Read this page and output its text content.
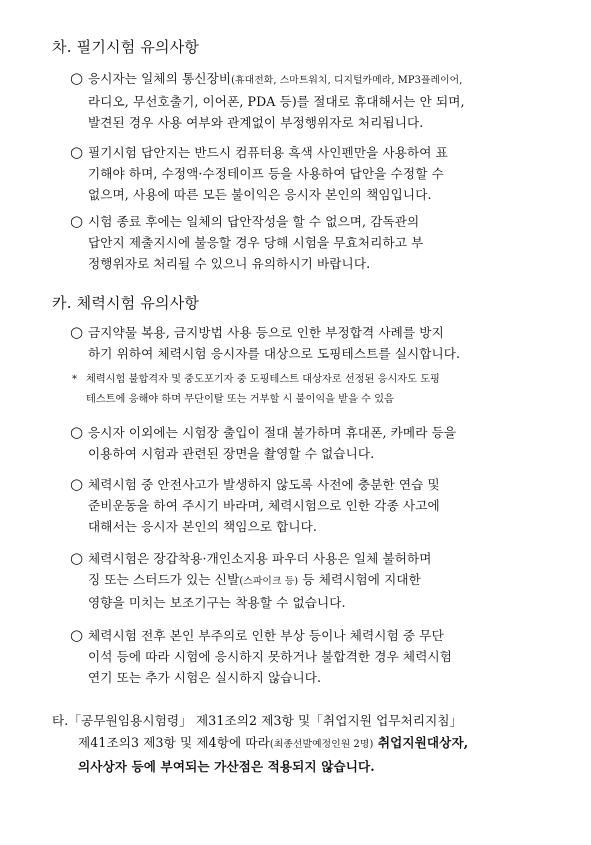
차. 필기시험 유의사항
○ 응시자는 일체의 통신장비(휴대전화, 스마트워치, 디지털카메라, MP3플레이어,
라디오, 무선호출기, 이어폰, PDA 등)를 절대로 휴대해서는 안 되며,
발견된 경우 사용 여부와 관계없이 부정행위자로 처리됩니다.
○ 필기시험 답안지는 반드시 컴퓨터용 흑색 사인펜만을 사용하여 표
기해야 하며, 수정액·수정테이프 등을 사용하여 답안을 수정할 수
없으며, 사용에 따른 모든 불이익은 응시자 본인의 책임입니다.
○ 시험 종료 후에는 일체의 답안작성을 할 수 없으며, 감독관의
답안지 제출지시에 불응할 경우 당해 시험을 무효처리하고 부
정행위자로 처리될 수 있으니 유의하시기 바랍니다.
카. 체력시험 유의사항
○ 금지약물 복용, 금지방법 사용 등으로 인한 부정합격 사례를 방지
하기 위하여 체력시험 응시자를 대상으로 도핑테스트를 실시합니다.
* 체력시험 불합격자 및 중도포기자 중 도핑테스트 대상자로 선정된 응시자도 도핑
테스트에 응해야 하며 무단이탈 또는 거부할 시 불이익을 받을 수 있음
○ 응시자 이외에는 시험장 출입이 절대 불가하며 휴대폰, 카메라 등을
이용하여 시험과 관련된 장면을 촬영할 수 없습니다.
○ 체력시험 중 안전사고가 발생하지 않도록 사전에 충분한 연습 및
준비운동을 하여 주시기 바라며, 체력시험으로 인한 각종 사고에
대해서는 응시자 본인의 책임으로 합니다.
○ 체력시험은 장갑착용·개인소지용 파우더 사용은 일체 불허하며
징 또는 스터드가 있는 신발(스파이크 등) 등 체력시험에 지대한
영향을 미치는 보조기구는 착용할 수 없습니다.
○ 체력시험 전후 본인 부주의로 인한 부상 등이나 체력시험 중 무단
이석 등에 따라 시험에 응시하지 못하거나 불합격한 경우 체력시험
연기 또는 추가 시험은 실시하지 않습니다.
타.「공무원임용시험령」 제31조의2 제3항 및「취업지원 업무처리지침」
제41조의3 제3항 및 제4항에 따라(최종선발예정인원 2명) 취업지원대상자,
의사상자 등에 부여되는 가산점은 적용되지 않습니다.
